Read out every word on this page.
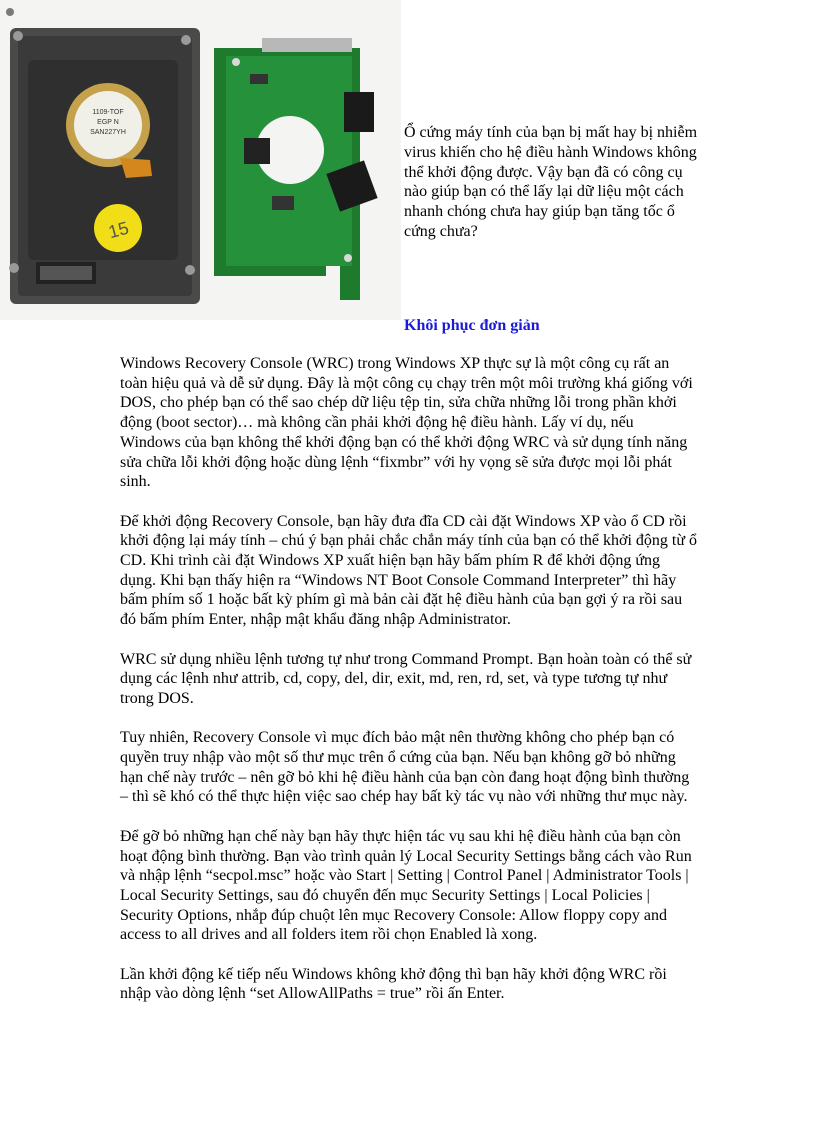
1109-TOF
EGP N
SAN227YH
15

Ổ cứng máy tính của bạn bị mất hay bị nhiễm virus khiến cho hệ điều hành Windows không thể khởi động được. Vậy bạn đã có công cụ nào giúp bạn có thể lấy lại dữ liệu một cách nhanh chóng chưa hay giúp bạn tăng tốc ổ cứng chưa?

Khôi phục đơn giản

Windows Recovery Console (WRC) trong Windows XP thực sự là một công cụ rất an toàn hiệu quả và dễ sử dụng. Đây là một công cụ chạy trên một môi trường khá giống với DOS, cho phép bạn có thể sao chép dữ liệu tệp tin, sửa chữa những lỗi trong phần khởi động (boot sector)… mà không cần phải khởi động hệ điều hành. Lấy ví dụ, nếu Windows của bạn không thể khởi động bạn có thể khởi động WRC và sử dụng tính năng sửa chữa lỗi khởi động hoặc dùng lệnh “fixmbr” với hy vọng sẽ sửa được mọi lỗi phát sinh.

Để khởi động Recovery Console, bạn hãy đưa đĩa CD cài đặt Windows XP vào ổ CD rồi khởi động lại máy tính – chú ý bạn phải chắc chắn máy tính của bạn có thể khởi động từ ổ CD. Khi trình cài đặt Windows XP xuất hiện bạn hãy bấm phím R để khởi động ứng dụng. Khi bạn thấy hiện ra “Windows NT Boot Console Command Interpreter” thì hãy bấm phím số 1 hoặc bất kỳ phím gì mà bản cài đặt hệ điều hành của bạn gợi ý ra rồi sau đó bấm phím Enter, nhập mật khẩu đăng nhập Administrator.

WRC sử dụng nhiều lệnh tương tự như trong Command Prompt. Bạn hoàn toàn có thể sử dụng các lệnh như attrib, cd, copy, del, dir, exit, md, ren, rd, set, và type tương tự như trong DOS.

Tuy nhiên, Recovery Console vì mục đích bảo mật nên thường không cho phép bạn có quyền truy nhập vào một số thư mục trên ổ cứng của bạn. Nếu bạn không gỡ bỏ những hạn chế này trước – nên gỡ bỏ khi hệ điều hành của bạn còn đang hoạt động bình thường – thì sẽ khó có thể thực hiện việc sao chép hay bất kỳ tác vụ nào với những thư mục này.

Để gỡ bỏ những hạn chế này bạn hãy thực hiện tác vụ sau khi hệ điều hành của bạn còn hoạt động bình thường. Bạn vào trình quản lý Local Security Settings bằng cách vào Run và nhập lệnh “secpol.msc” hoặc vào Start | Setting | Control Panel | Administrator Tools | Local Security Settings, sau đó chuyển đến mục Security Settings | Local Policies | Security Options, nhắp đúp chuột lên mục Recovery Console: Allow floppy copy and access to all drives and all folders item rồi chọn Enabled là xong.

Lần khởi động kế tiếp nếu Windows không khở động thì bạn hãy khởi động WRC rồi nhập vào dòng lệnh “set AllowAllPaths = true” rồi ấn Enter.
